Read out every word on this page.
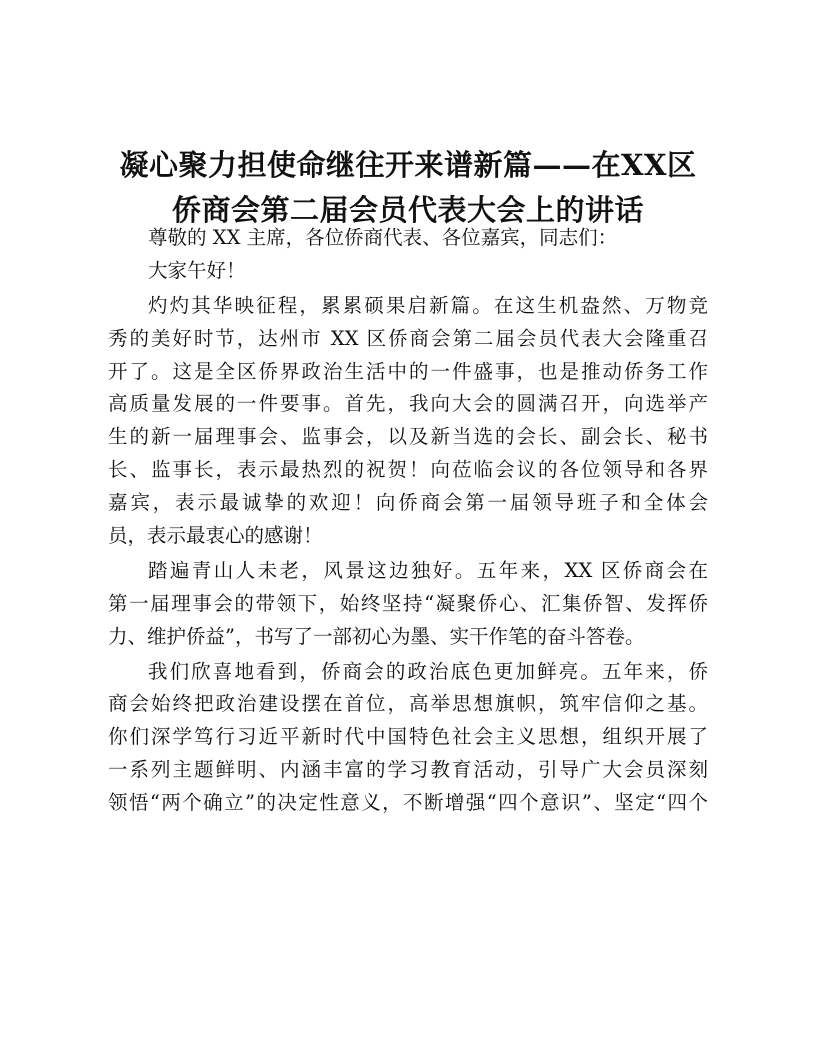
凝心聚力担使命继往开来谱新篇——在XX区
侨商会第二届会员代表大会上的讲话
尊敬的 XX 主席，各位侨商代表、各位嘉宾，同志们：
大家午好！
灼灼其华映征程，累累硕果启新篇。在这生机盎然、万物竞
秀的美好时节，达州市 XX 区侨商会第二届会员代表大会隆重召
开了。这是全区侨界政治生活中的一件盛事，也是推动侨务工作
高质量发展的一件要事。首先，我向大会的圆满召开，向选举产
生的新一届理事会、监事会，以及新当选的会长、副会长、秘书
长、监事长，表示最热烈的祝贺！向莅临会议的各位领导和各界
嘉宾，表示最诚挚的欢迎！向侨商会第一届领导班子和全体会
员，表示最衷心的感谢！
踏遍青山人未老，风景这边独好。五年来，XX 区侨商会在
第一届理事会的带领下，始终坚持“凝聚侨心、汇集侨智、发挥侨
力、维护侨益”，书写了一部初心为墨、实干作笔的奋斗答卷。
我们欣喜地看到，侨商会的政治底色更加鲜亮。五年来，侨
商会始终把政治建设摆在首位，高举思想旗帜，筑牢信仰之基。
你们深学笃行习近平新时代中国特色社会主义思想，组织开展了
一系列主题鲜明、内涵丰富的学习教育活动，引导广大会员深刻
领悟“两个确立”的决定性意义，不断增强“四个意识”、坚定“四个
